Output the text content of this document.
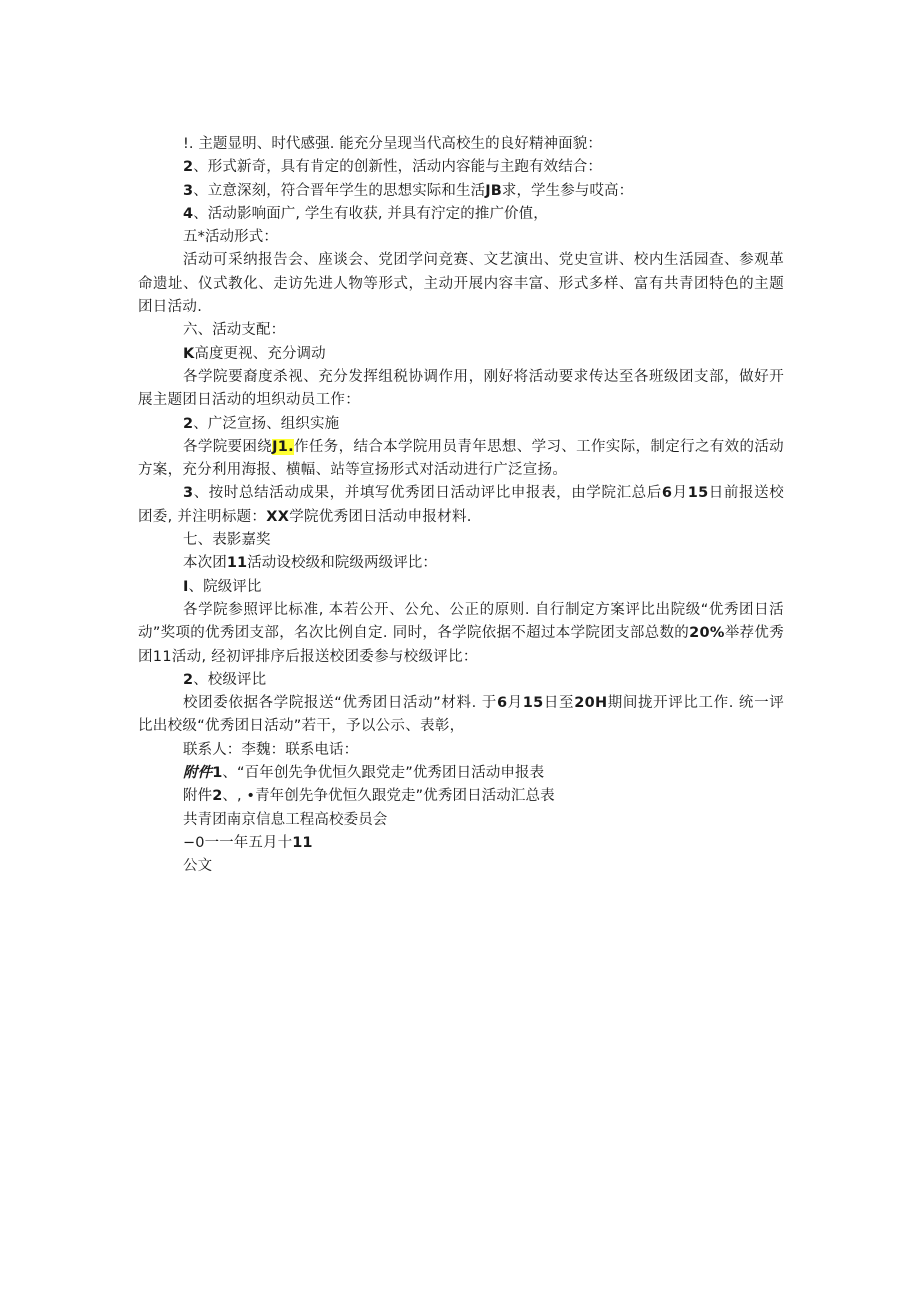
!. 主题显明、时代感强. 能充分呈现当代高校生的良好精神面貌：
2、形式新奇，具有肯定的创新性，活动内容能与主跑有效结合：
3、立意深刻，符合晋年学生的思想实际和生活JB求，学生参与哎高：
4、活动影响面广, 学生有收获, 并具有泞定的推广价值，
五*活动形式：
活动可采纳报告会、座谈会、党团学问竞赛、文艺演出、党史宣讲、校内生活园查、参观革命遗址、仪式教化、走访先进人物等形式，主动开展内容丰富、形式多样、富有共青团特色的主题团日活动.
六、活动支配：
K高度更视、充分调动
各学院要裔度杀视、充分发挥组税协调作用，刚好将活动要求传达至各班级团支部，做好开展主题团日活动的坦织动员工作：
2、广泛宣扬、组织实施
各学院要困绕J1.作任务，结合本学院用员青年思想、学习、工作实际，制定行之有效的活动方案，充分利用海报、横幅、站等宣扬形式对活动进行广泛宣扬。
3、按时总结活动成果，并填写优秀团日活动评比申报表，由学院汇总后6月15日前报送校团委, 并注明标题：XX学院优秀团日活动申报材料.
七、表影嘉奖
本次团11活动设校级和院级两级评比：
I、院级评比
各学院参照评比标准, 本若公开、公允、公正的原则. 自行制定方案评比出院级“优秀团日活动”奖项的优秀团支部，名次比例自定. 同时，各学院依据不超过本学院团支部总数的20%举荐优秀团11活动, 经初评排序后报送校团委参与校级评比：
2、校级评比
校团委依据各学院报送“优秀团日活动”材料. 于6月15日至20H期间拢开评比工作. 统一评比出校级“优秀团日活动”若干，予以公示、表彰，
联系人：李魏：联系电话：
附件1、“百年创先争优恒久跟党走”优秀团日活动申报表
附件2、, •青年创先争优恒久跟党走”优秀团日活动汇总表
共青团南京信息工程高校委员会
−0一一年五月十11
公文
